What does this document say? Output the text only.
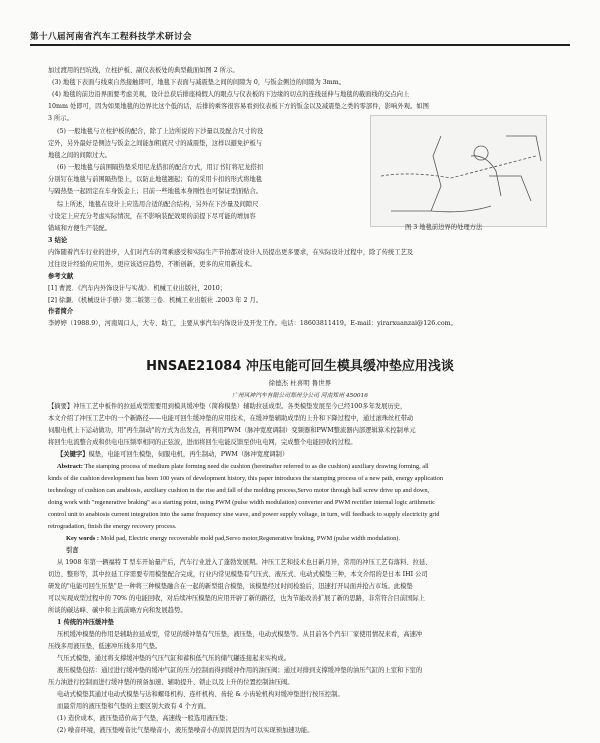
第十八届河南省汽车工程科技学术研讨会
加过渡用的凹坑线，立柱护板、副仪表板处的典型截面如图 2 所示。
(3) 地毯下表面与线束自然接触即可，地毯下表面与减震垫之间的间隙为 0，与钣金侧边的间隙为 3mm。
(4) 地毯的前边沿界面要考虑美观，设计总获后排座椅假人的眼点与仪表板的下边缘的切点的连线延伸与地毯的截面线的交点向上
10mm 处即可，因为如果地毯的边界比这个低的话，后排的乘客很容易看到仪表板下方的钣金以及减震垫之类的零部件，影响外观。如图
3 所示。
(5) 一般地毯与立柱护板的配合，除了上边所说的下沙量以及配合尺寸的设
定外，另外最好是侧边与钣金之间能加粗底尺寸的减震垫，这样以避免护板与
地毯之间的间隙过大。
(6) 一般地毯与前围隔热垫采用尼龙搭扣的配合方式，用订书钉将尼龙搭扣
分别钉在地毯与前围隔热垫上，以防止地毯翘起；有的采用卡扣的形式将地毯
与隔热垫一起固定在车身钣金上；目前一些地毯本身刚性也可保证型面贴合。
综上所述，地毯在设计上应选用合适的配合结构，另外在下沙量及间隙尺
寸设定上应充分考虑实际情况，在不影响装配效果的前提下尽可能的增加容
错域和方便生产装配。	图 3 地毯前边界的处理方法
3 结论
内饰随着汽车行业的进步，人们对汽车的驾乘感受和实际生产节拍都对设计人员提出更多要求，在实际设计过程中，除了传统工艺及
过往设计经验的应用外，更应该适应趋势，不断创新，更多的应用新技术。
参考文献
[1] 曹渡．《汽车内外饰设计与实战》．机械工业出版社，2010；
[2] 徐灏．《机械设计手册》第二版第三卷．机械工业出版社 .2003 年 2 月。
作者简介
李婷婷（1988.9），河南周口人，大专、助工，主要从事汽车内饰设计及开发工作。电话：18603811419。E-mail：yirarxuanzai@126.com。
HNSAE21084 冲压电能可回生模具缓冲垫应用浅谈
徐德杰 杜喜明 鲁世界
广州风神汽车有限公司郑州分公司 河南郑州 450016
【摘要】冲压工艺中板件的拉延成型需要用到模具缓冲垫（简称模垫）辅助拉延成型。各类模垫发展至今已经100多年发展历史，
本文介绍了冲压工艺中的一个新路径——电能可回生缓冲垫的应用技术，在缓冲垫辅助成型的上升和下降过程中，通过滚珠丝杠带动
伺服电机上下运动做功，用"再生制动"的方式为出发点，再利用PWM（脉冲宽度调制）变频器和PWM整流器内部逻辑算术控制单元
将回生电流整合成和供电电压频率相同的正弦波，进而将回生电能反馈至供电电网，完成整个电能回收的过程。
【关键字】模垫，电能可回生模垫，伺服电机，再生制动，PWM（脉冲宽度调制）
Abstract: The stamping process of medium plate forming need die cushion (hereinafter referred to as die cushion) auxiliary drawing forming, all
kinds of die cushion development has been 100 years of development history, this paper introduces the stamping process of a new path, energy application
technology of cushion can anabiosis, auxiliary cushion in the rise and fall of the molding process,Servo motor through ball screw drive up and down,
doing work with "regenerative braking" as a starting point, using PWM (pulse width modulation) converter and PWM rectifier internal logic arithmetic
control unit to anabiosis current integration into the same frequency sine wave, and power supply voltage, in turn, will feedback to supply electricity grid
retrogradation, finish the energy recovery process.
Key words : Mold pad, Electric energy recoverable mold pad,Servo motor,Regenerative braking, PWM (pulse width modulation).
引言
从 1908 年第一辆福特 T 型车开始量产后，汽车行业进入了蓬勃发展期。冲压工艺和技术也日新月异，常用的冲压工艺有落料、拉延、
切边、整形等，其中拉延工序需要专用模垫配合完成，行业内常见模垫有气压式、液压式、电动式模垫三种，本文介绍的是日本 IHI 公司
研发的"电能可回生压垫"是一种将三种模垫融合在一起的新型组合模垫，该模垫经过时间检验后，迅速打开局面并抢占市场。此模垫
可以实现成型过程中的 70% 的电能回收，对后续冲压模垫的应用开辟了新的路径，也为节能改善扩展了新的思路，非常符合目前国际上
所谈的碳达峰、碳中和主流前略方向和发展趋势。
1 传统的冲压缓冲垫
压机缓冲模垫的作用是辅助拉延成型，常见的缓冲垫有气压垫，液压垫，电动式模垫等。从目前各个汽车厂家使用情况来看，高速冲
压线多用液压垫，低速冲压线多用气垫。
气压式模垫，通过将支撑缓冲垫的气压气缸和蓄积低气压的储气罐连接起来实构成。
液压模垫包括：通过进行缓冲垫的缓冲气缸的压力控制而得到缓冲作用的油压阀；通过对排到支撑缓冲垫的油压气缸的上室和下室的
压力油进行控制而进行缓冲垫的预备加速、辅助提升、锁止以及上升的位置控制油压阀。
电动式模垫其通过电动式模垫与达和螺母机构、连杆机构、齿轮 & 小齿轮机构对缓冲垫进行按压控制。
而最常用的液压垫和气垫的主要区别大致有 4 个方面。
(1) 造价成本，液压垫造价高于气垫，高速线一般选用液压垫；
(2) 噪音环境，液压垫噪音比气垫噪音小，液压垫噪音小的原因是因为可以实现预加速功能。
